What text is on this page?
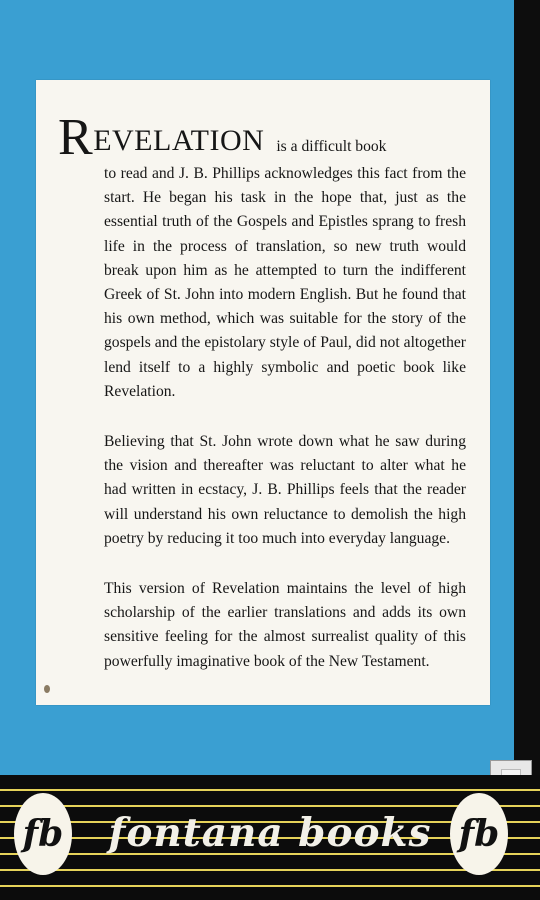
REVELATION is a difficult book
to read and J. B. Phillips acknowledges this fact from the start. He began his task in the hope that, just as the essential truth of the Gospels and Epistles sprang to fresh life in the process of translation, so new truth would break upon him as he attempted to turn the indifferent Greek of St. John into modern English. But he found that his own method, which was suitable for the story of the gospels and the epistolary style of Paul, did not altogether lend itself to a highly symbolic and poetic book like Revelation.

Believing that St. John wrote down what he saw during the vision and thereafter was reluctant to alter what he had written in ecstacy, J. B. Phillips feels that the reader will understand his own reluctance to demolish the high poetry by reducing it too much into everyday language.

This version of Revelation maintains the level of high scholarship of the earlier translations and adds its own sensitive feeling for the almost surrealist quality of this powerfully imaginative book of the New Testament.

fb	fontana books fb
